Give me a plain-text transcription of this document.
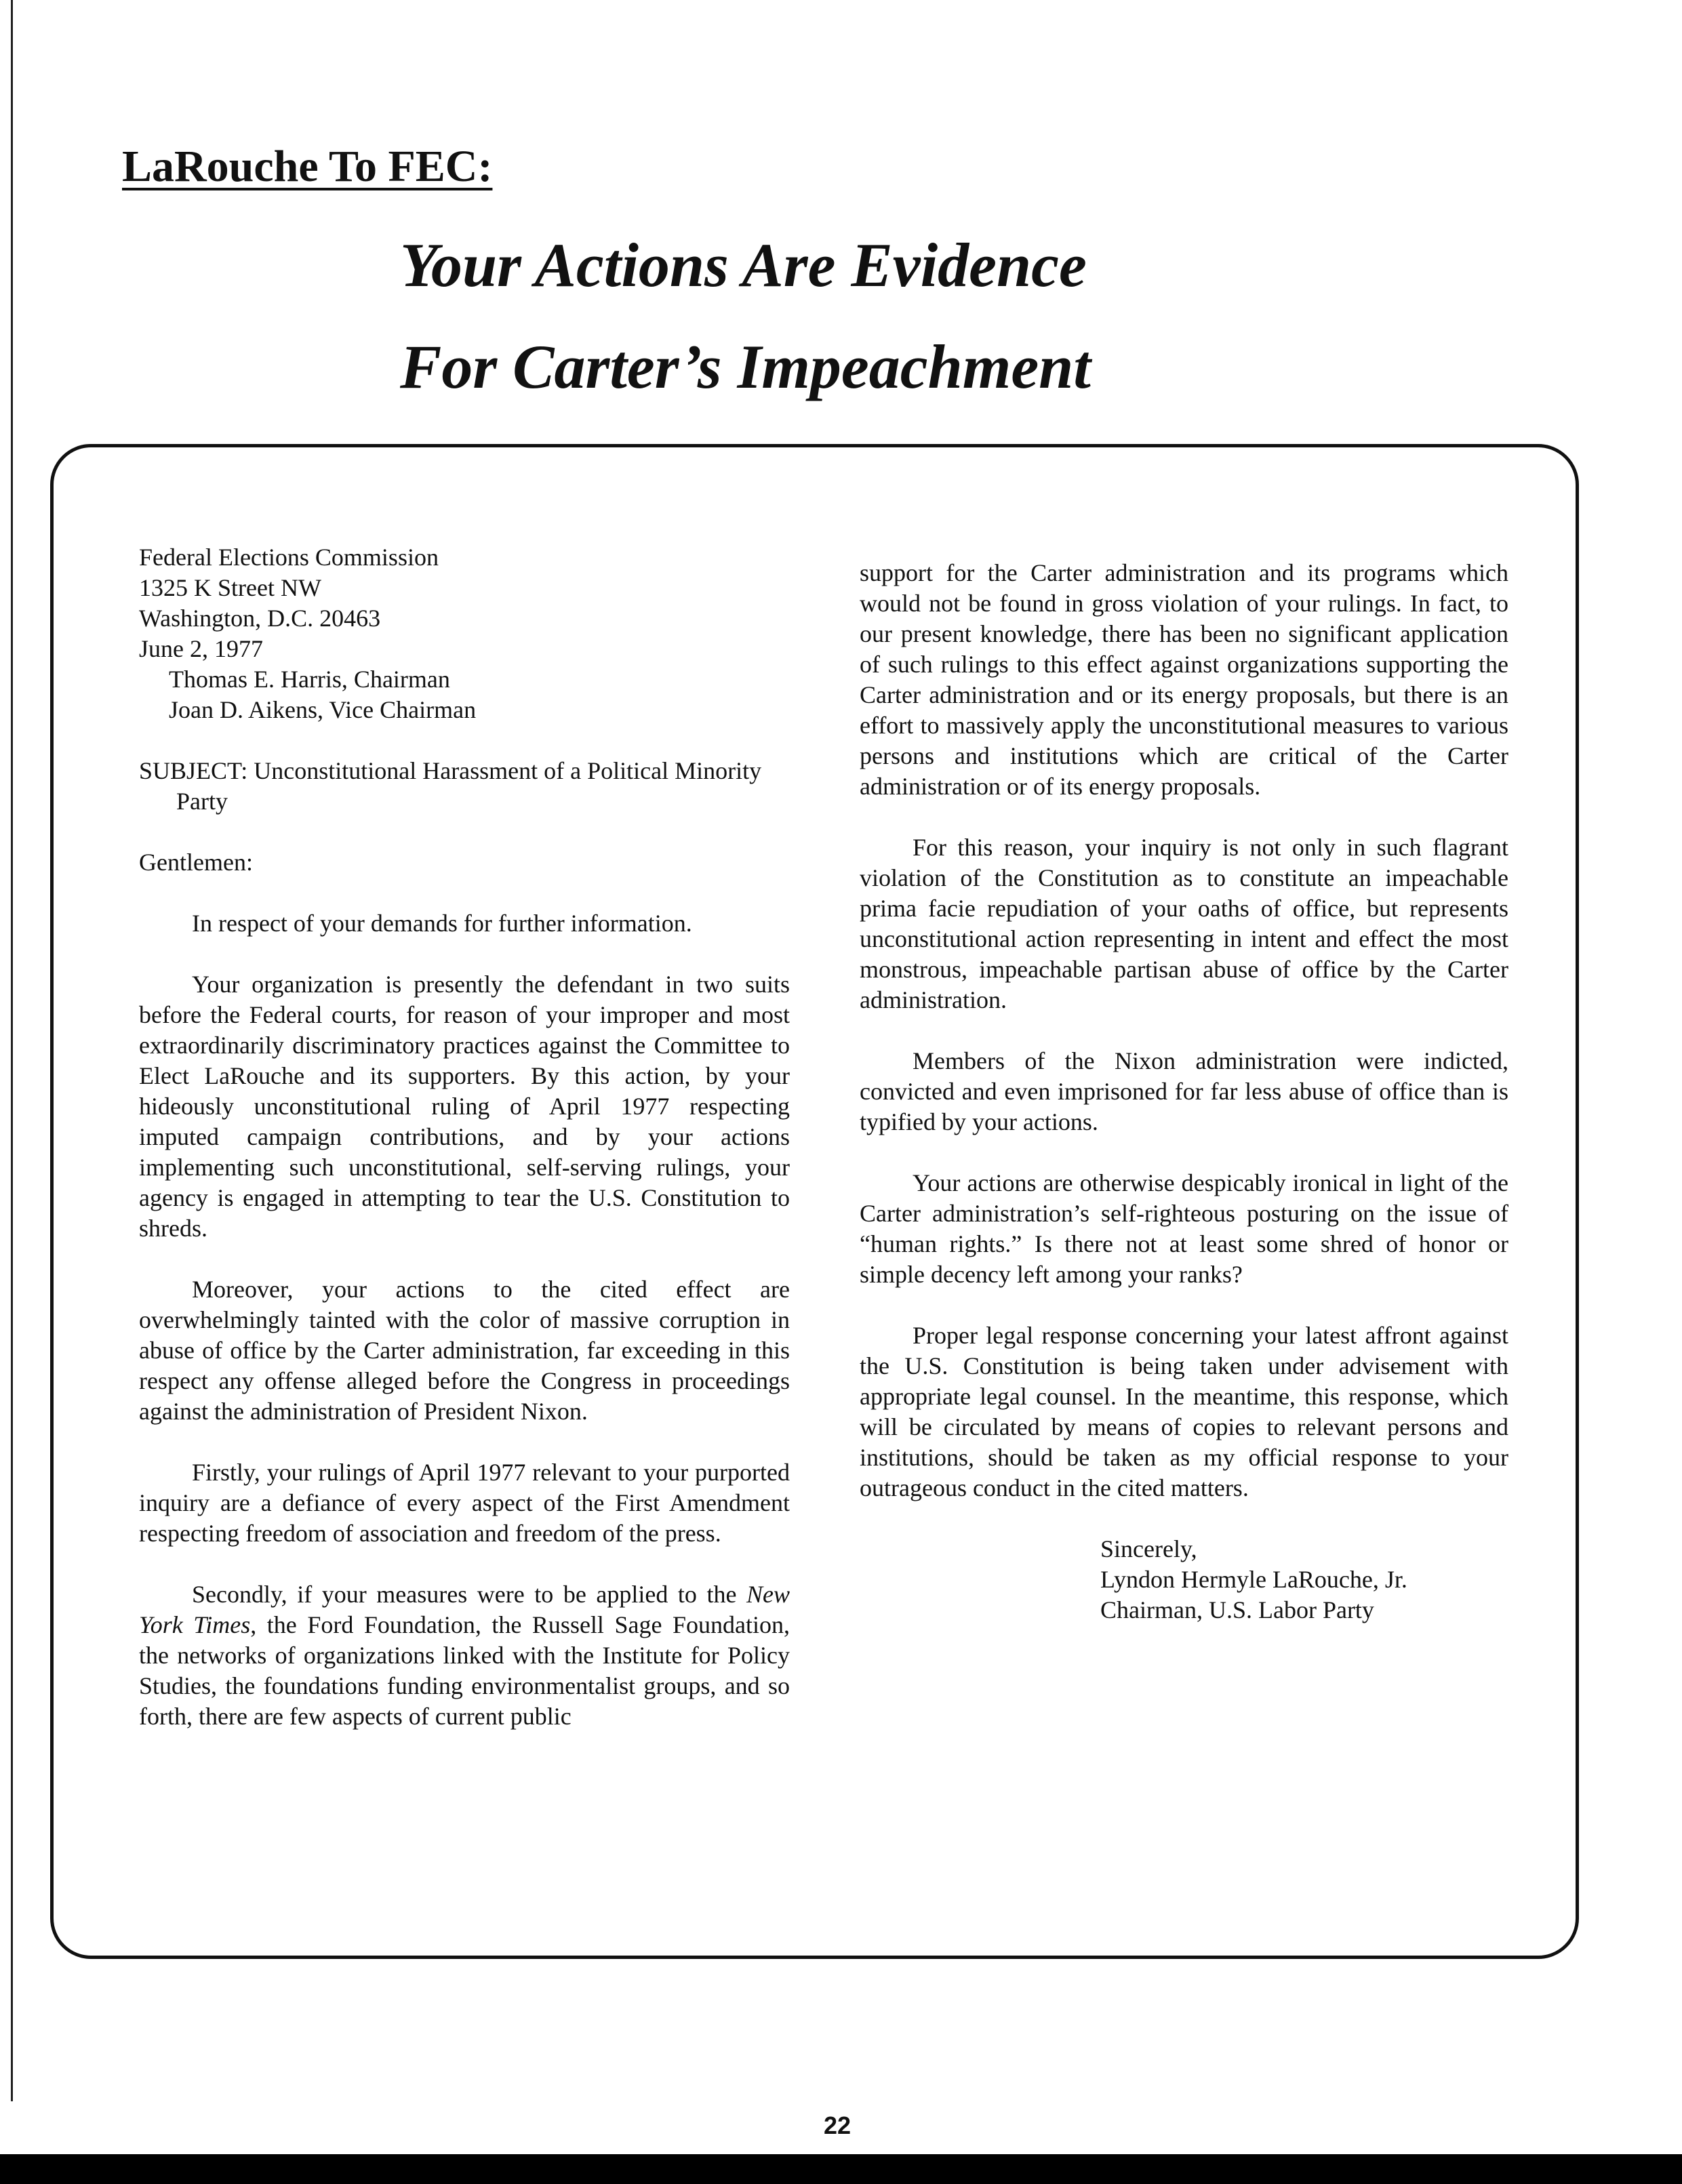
LaRouche To FEC:
Your Actions Are Evidence
For Carter’s Impeachment

Federal Elections Commission

1325 K Street NW

Washington, D.C. 20463

June 2, 1977

Thomas E. Harris, Chairman

Joan D. Aikens, Vice Chairman

SUBJECT: Unconstitutional Harassment of a Political Minority Party

Gentlemen:

In respect of your demands for further information.

Your organization is presently the defendant in two suits before the Federal courts, for reason of your improper and most extraordinarily discriminatory practices against the Committee to Elect LaRouche and its supporters. By this action, by your hideously unconstitutional ruling of April 1977 respecting imputed campaign contributions, and by your actions implementing such unconstitutional, self-serving rulings, your agency is engaged in attempting to tear the U.S. Constitution to shreds.

Moreover, your actions to the cited effect are overwhelmingly tainted with the color of massive corruption in abuse of office by the Carter administration, far exceeding in this respect any offense alleged before the Congress in proceedings against the administration of President Nixon.

Firstly, your rulings of April 1977 relevant to your purported inquiry are a defiance of every aspect of the First Amendment respecting freedom of association and freedom of the press.

Secondly, if your measures were to be applied to the New York Times, the Ford Foundation, the Russell Sage Foundation, the networks of organizations linked with the Institute for Policy Studies, the foundations funding environmentalist groups, and so forth, there are few aspects of current public

support for the Carter administration and its programs which would not be found in gross violation of your rulings. In fact, to our present knowledge, there has been no significant application of such rulings to this effect against organizations supporting the Carter administration and or its energy proposals, but there is an effort to massively apply the unconstitutional measures to various persons and institutions which are critical of the Carter administration or of its energy proposals.

For this reason, your inquiry is not only in such flagrant violation of the Constitution as to constitute an impeachable prima facie repudiation of your oaths of office, but represents unconstitutional action representing in intent and effect the most monstrous, impeachable partisan abuse of office by the Carter administration.

Members of the Nixon administration were indicted, convicted and even imprisoned for far less abuse of office than is typified by your actions.

Your actions are otherwise despicably ironical in light of the Carter administration’s self-righteous posturing on the issue of “human rights.” Is there not at least some shred of honor or simple decency left among your ranks?

Proper legal response concerning your latest affront against the U.S. Constitution is being taken under advisement with appropriate legal counsel. In the meantime, this response, which will be circulated by means of copies to relevant persons and institutions, should be taken as my official response to your outrageous conduct in the cited matters.

Sincerely,

Lyndon Hermyle LaRouche, Jr.

Chairman, U.S. Labor Party

22
